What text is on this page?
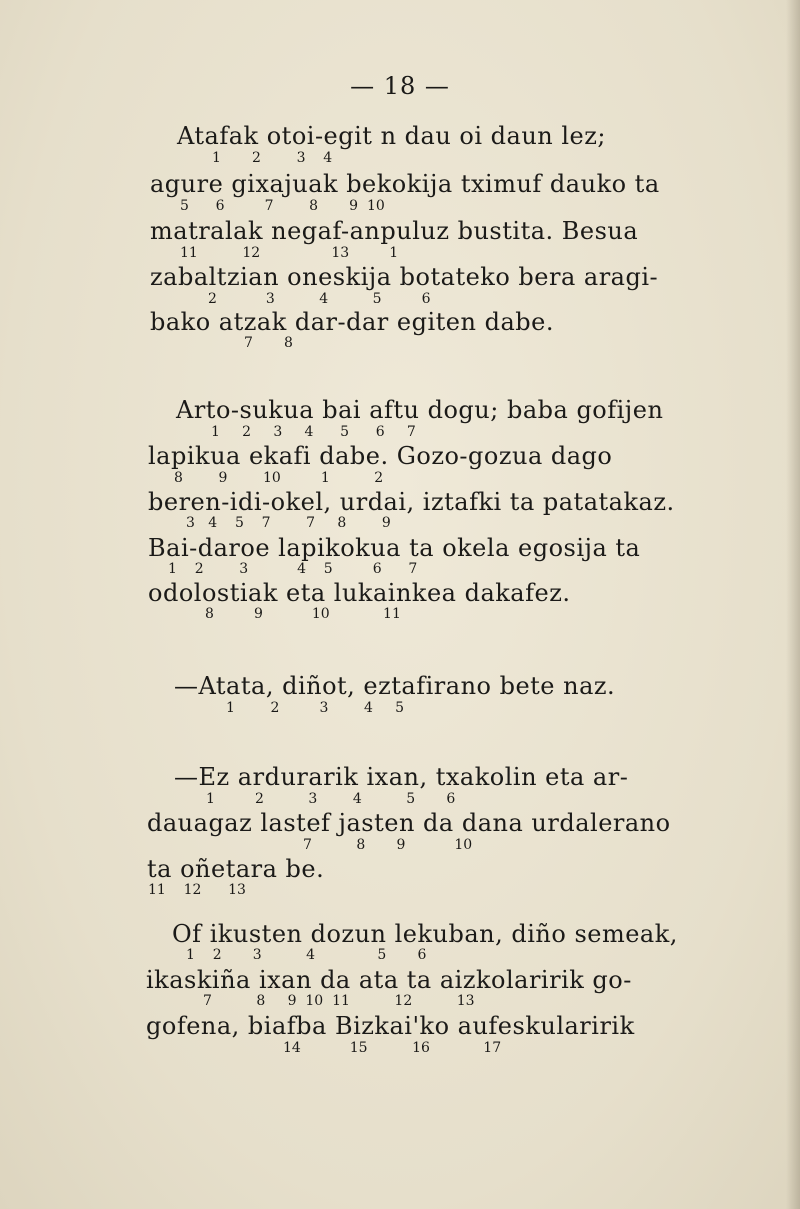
— 18 —
Atafak otoi-egit n dau oi daun lez;
1       2        3    4
agure gixajuak bekokija tximuf dauko ta
5      6         7        8       9  10
matralak negaf-anpuluz bustita. Besua
11          12                13         1
zabaltzian oneskija botateko bera aragi-
2           3          4          5         6
bako atzak dar-dar egiten dabe.
7       8
Arto-sukua bai aftu dogu; baba gofijen
1     2     3     4      5      6     7
lapikua ekafi dabe. Gozo-gozua dago
8        9        10         1          2
beren-idi-okel, urdai, iztafki ta patatakaz.
3   4    5    7        7     8        9
Bai-daroe lapikokua ta okela egosija ta
1    2        3           4    5         6      7
odolostiak eta lukainkea dakafez.
8         9           10            11
—Atata, diñot, eztafirano bete naz.
1        2         3        4     5
—Ez ardurarik ixan, txakolin eta ar-
1         2          3        4          5       6
dauagaz lastef jasten da dana urdalerano
7          8       9           10
ta oñetara be.
11    12      13
Of ikusten dozun lekuban, diño semeak,
1    2       3          4              5       6
ikaskiña ixan da ata ta aizkolaririk go-
7          8     9  10  11          12          13
gofena, biafba Bizkai'ko aufeskularirik
14           15          16            17
